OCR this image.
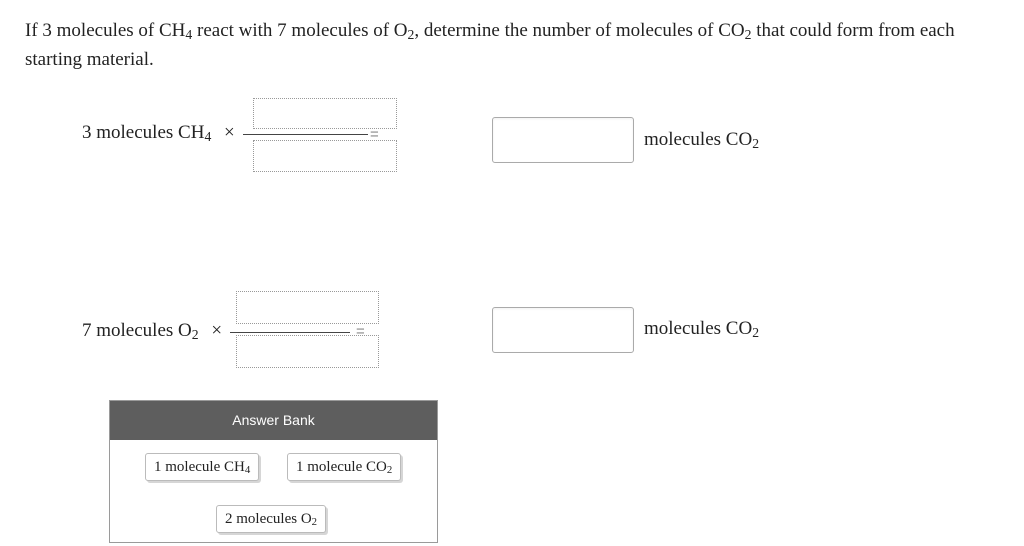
If 3 molecules of $CH_4$ react with 7 molecules of $O_2$, determine the number of molecules of $CO_2$ that could form from each starting material.
3 molecules $CH_4$ ×	=	molecules $CO_2$
7 molecules $O_2$ ×	=	molecules $CO_2$
Answer Bank
1 molecule $CH_4$	1 molecule $CO_2$
2 molecules $O_2$
